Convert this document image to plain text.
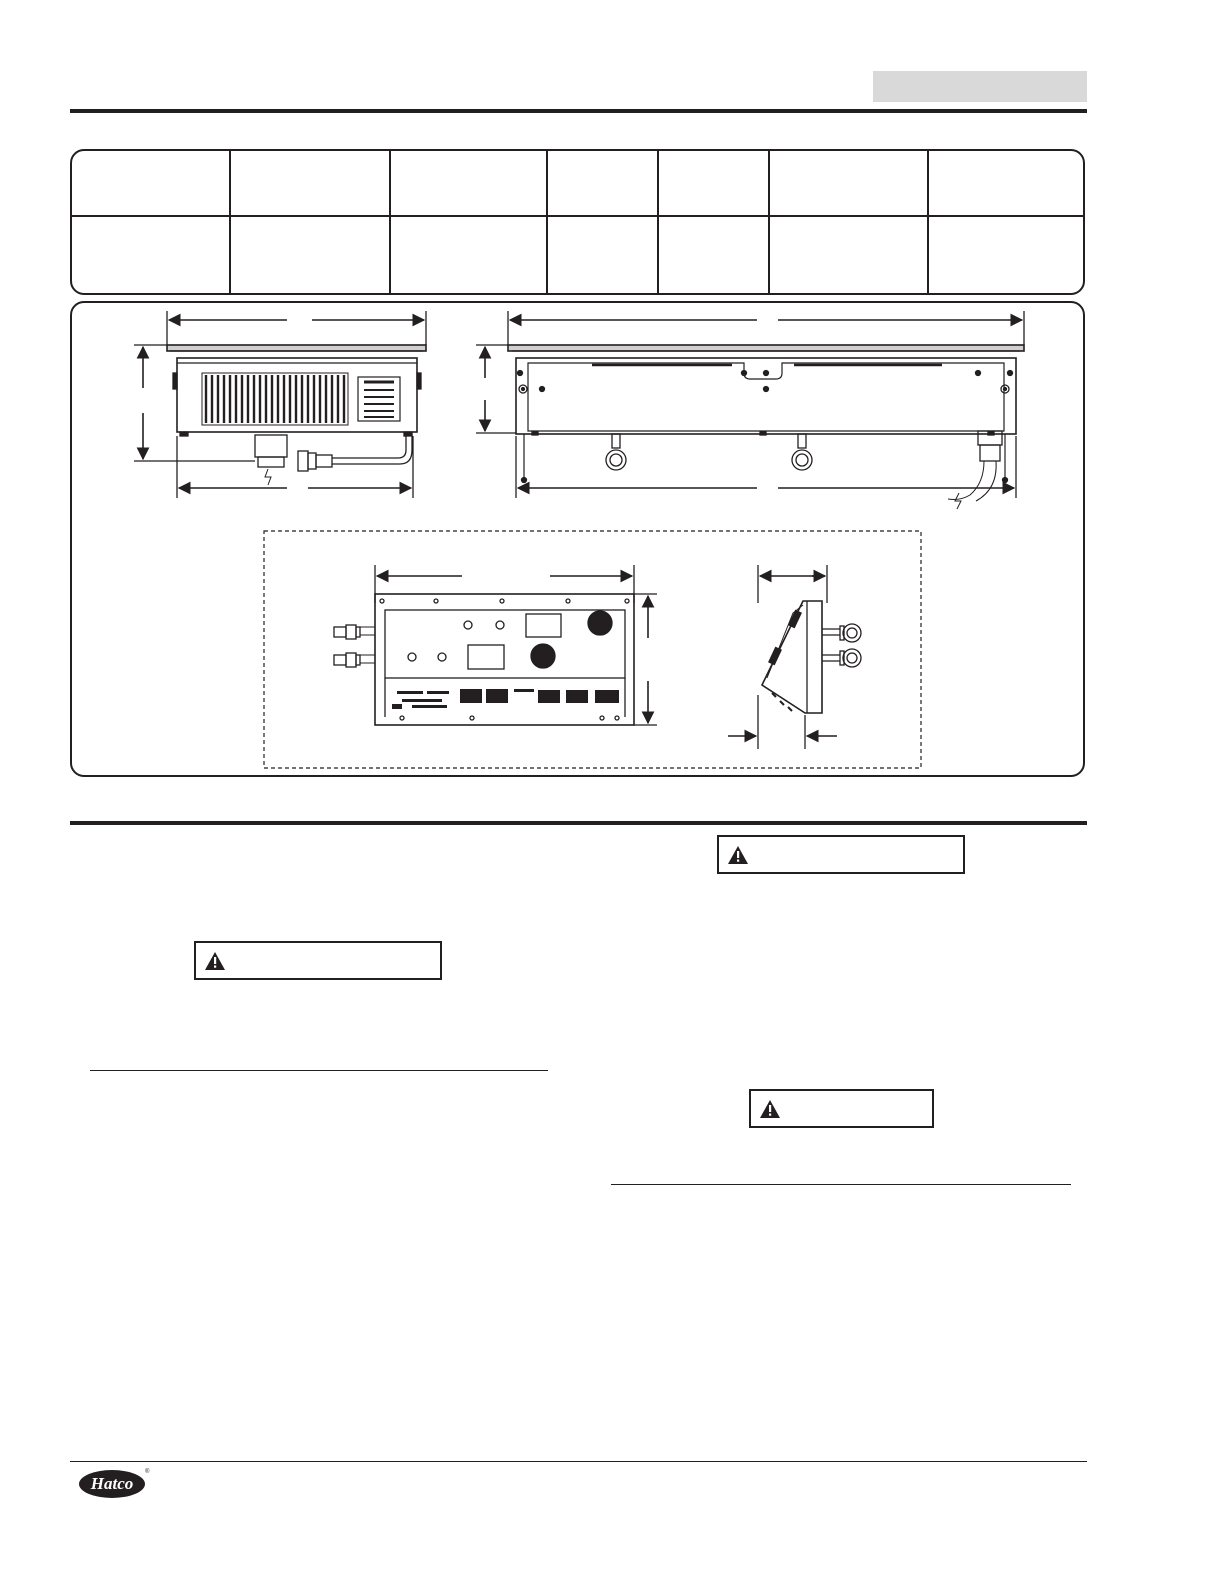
Hatco
®
